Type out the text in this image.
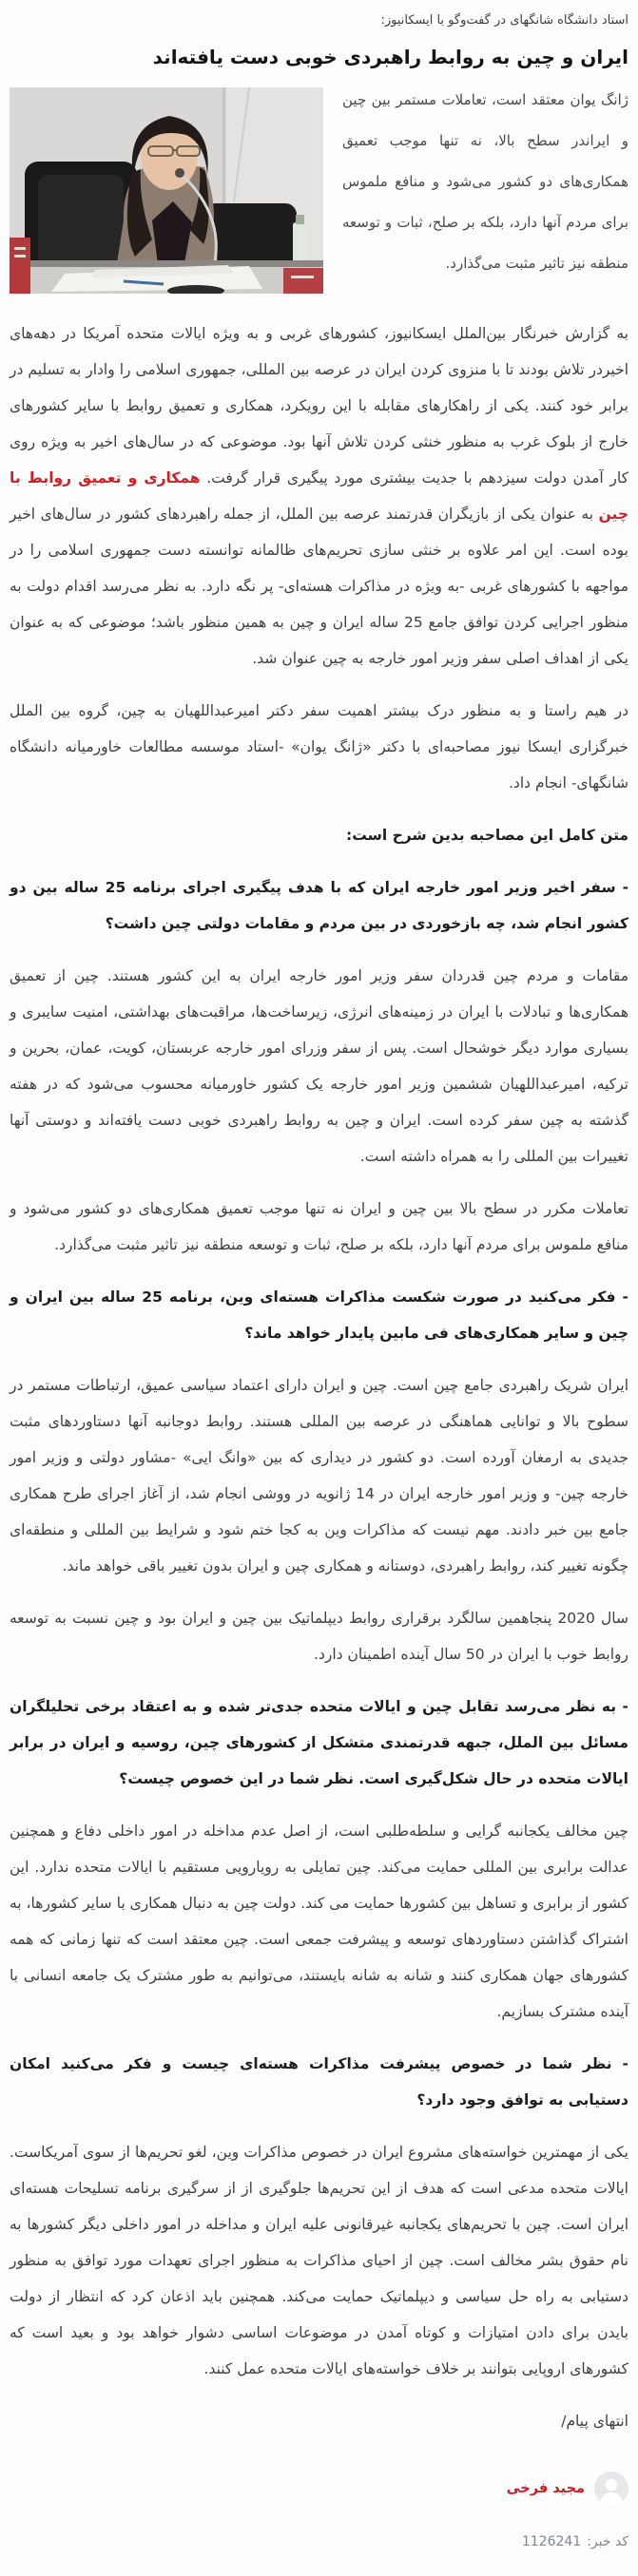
استاد دانشگاه شانگهای در گفت‌وگو با ایسکانیوز:

ایران و چین به روابط راهبردی خوبی دست یافته‌اند

ژانگ یوان معتقد است، تعاملات مستمر بین چین و ایراندر سطح بالا، نه تنها موجب تعمیق همکاری‌های دو کشور می‌شود و منافع ملموس برای مردم آنها دارد، بلکه بر صلح، ثبات و توسعه منطقه نیز تاثیر مثبت می‌گذارد.

به گزارش خبرنگار بین‌الملل ایسکانیوز، کشورهای غربی و به ویژه ایالات متحده آمریکا در دهه‌های اخیردر تلاش بودند تا با منزوی کردن ایران در عرصه بین المللی، جمهوری اسلامی را وادار به تسلیم در برابر خود کنند. یکی از راهکارهای مقابله با این رویکرد، همکاری و تعمیق روابط با سایر کشورهای خارج از بلوک غرب به منظور خنثی کردن تلاش آنها بود. موضوعی که در سال‌های اخیر به ویژه روی کار آمدن دولت سیزدهم با جدیت بیشتری مورد پیگیری قرار گرفت. همکاری و تعمیق روابط با چین به عنوان یکی از بازیگران قدرتمند عرصه بین الملل، از جمله راهبردهای کشور در سال‌های اخیر بوده است. این امر علاوه بر خنثی سازی تحریم‌های ظالمانه توانسته دست جمهوری اسلامی را در مواجهه با کشورهای غربی -به ویژه در مذاکرات هسته‌ای- پر نگه دارد. به نظر می‌رسد اقدام دولت به منظور اجرایی کردن توافق جامع 25 ساله ایران و چین به همین منظور باشد؛ موضوعی که به عنوان یکی از اهداف اصلی سفر وزیر امور خارجه به چین عنوان شد.

در هیم راستا و به منظور درک بیشتر اهمیت سفر دکتر امیرعبداللهیان به چین، گروه بین الملل خبرگزاری ایسکا نیوز مصاحبه‌ای با دکتر «ژانگ یوان» -استاد موسسه مطالعات خاورمیانه دانشگاه شانگهای- انجام داد.

متن کامل این مصاحبه بدین شرح است:

- سفر اخیر وزیر امور خارجه ایران که با هدف پیگیری اجرای برنامه 25 ساله بین دو کشور انجام شد، چه بازخوردی در بین مردم و مقامات دولتی چین داشت؟

مقامات و مردم چین قدردان سفر وزیر امور خارجه ایران به این کشور هستند. چین از تعمیق همکاری‌ها و تبادلات با ایران در زمینه‌های انرژی، زیرساخت‌ها، مراقبت‌های بهداشتی، امنیت سایبری و بسیاری موارد دیگر خوشحال است. پس از سفر وزرای امور خارجه عربستان، کویت، عمان، بحرین و ترکیه، امیرعبداللهیان ششمین وزیر امور خارجه یک کشور خاورمیانه محسوب می‌شود که در هفته گذشته به چین سفر کرده است. ایران و چین به روابط راهبردی خوبی دست یافته‌اند و دوستی آنها تغییرات بین المللی را به همراه داشته است.

تعاملات مکرر در سطح بالا بین چین و ایران نه تنها موجب تعمیق همکاری‌های دو کشور می‌شود و منافع ملموس برای مردم آنها دارد، بلکه بر صلح، ثبات و توسعه منطقه نیز تاثیر مثبت می‌گذارد.

- فکر می‌کنید در صورت شکست مذاکرات هسته‌ای وین، برنامه 25 ساله بین ایران و چین و سایر همکاری‌های فی مابین پایدار خواهد ماند؟

ایران شریک راهبردی جامع چین است. چین و ایران دارای اعتماد سیاسی عمیق، ارتباطات مستمر در سطوح بالا و توانایی هماهنگی در عرصه بین المللی هستند. روابط دوجانبه آنها دستاوردهای مثبت جدیدی به ارمغان آورده است. دو کشور در دیداری که بین «وانگ ایی» -مشاور دولتی و وزیر امور خارجه چین- و وزیر امور خارجه ایران در 14 ژانویه در ووشی انجام شد، از آغاز اجرای طرح همکاری جامع بین خبر دادند. مهم نیست که مذاکرات وین به کجا ختم شود و شرایط بین المللی و منطقه‌ای چگونه تغییر کند، روابط راهبردی، دوستانه و همکاری چین و ایران بدون تغییر باقی خواهد ماند.

سال 2020 پنجاهمین سالگرد برقراری روابط دیپلماتیک بین چین و ایران بود و چین نسبت به توسعه روابط خوب با ایران در 50 سال آینده اطمینان دارد.

- به نظر می‌رسد تقابل چین و ایالات متحده جدی‌تر شده و به اعتقاد برخی تحلیلگران مسائل بین الملل، جبهه قدرتمندی متشکل از کشورهای چین، روسیه و ایران در برابر ایالات متحده در حال شکل‌گیری است. نظر شما در این خصوص چیست؟

چین مخالف یکجانبه گرایی و سلطه‌طلبی است، از اصل عدم مداخله در امور داخلی دفاع و همچنین عدالت برابری بین المللی حمایت می‌کند. چین تمایلی به رویارویی مستقیم با ایالات متحده ندارد. این کشور از برابری و تساهل بین کشورها حمایت می کند. دولت چین به دنبال همکاری با سایر کشورها، به اشتراک گذاشتن دستاوردهای توسعه و پیشرفت جمعی است. چین معتقد است که تنها زمانی که همه کشورهای جهان همکاری کنند و شانه به شانه بایستند، می‌توانیم به طور مشترک یک جامعه انسانی با آینده مشترک بسازیم.

- نظر شما در خصوص پیشرفت مذاکرات هسته‌ای چیست و فکر می‌کنید امکان دستیابی به توافق وجود دارد؟

یکی از مهمترین خواسته‌های مشروع ایران در خصوص مذاکرات وین، لغو تحریم‌ها از سوی آمریکاست. ایالات متحده مدعی است که هدف از این تحریم‌ها جلوگیری از از سرگیری برنامه تسلیحات هسته‌ای ایران است. چین با تحریم‌های یکجانبه غیرقانونی علیه ایران و مداخله در امور داخلی دیگر کشورها به نام حقوق بشر مخالف است. چین از احیای مذاکرات به منظور اجرای تعهدات مورد توافق به منظور دستیابی به راه حل سیاسی و دیپلماتیک حمایت می‌کند. همچنین باید اذعان کرد که انتظار از دولت بایدن برای دادن امتیازات و کوتاه آمدن در موضوعات اساسی دشوار خواهد بود و بعید است که کشورهای اروپایی بتوانند بر خلاف خواسته‌های ایالات متحده عمل کنند.

انتهای پیام/

مجید فرخی
کد خبر:
1126241
